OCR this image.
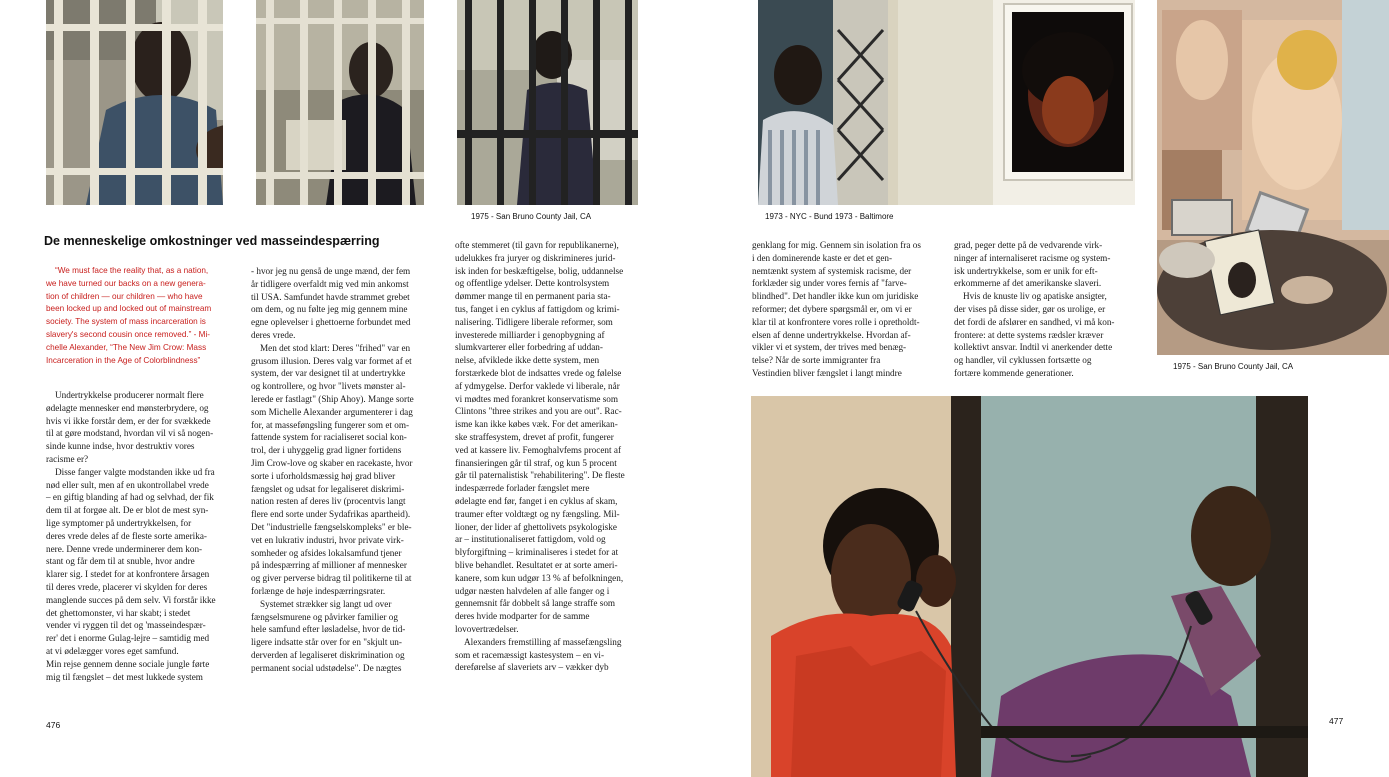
1975 - San Bruno County Jail, CA
De menneskelige omkostninger ved masseindespærring

“We must face the reality that, as a nation,

we have turned our backs on a new genera-

tion of children — our children — who have

been locked up and locked out of mainstream

society. The system of mass incarceration is

slavery's second cousin once removed.” - Mi-

chelle Alexander, “The New Jim Crow: Mass

Incarceration in the Age of Colorblindness”

Undertrykkelse producerer normalt flere

ødelagte mennesker end mønsterbrydere, og

hvis vi ikke forstår dem, er der for svækkede

til at gøre modstand, hvordan vil vi så nogen-

sinde kunne indse, hvor destruktiv vores

racisme er?

Disse fanger valgte modstanden ikke ud fra

nød eller sult, men af en ukontrollabel vrede

– en giftig blanding af had og selvhad, der fik

dem til at forgøe alt. De er blot de mest syn-

lige symptomer på undertrykkelsen, for

deres vrede deles af de fleste sorte amerika-

nere. Denne vrede underminerer dem kon-

stant og får dem til at snuble, hvor andre

klarer sig. I stedet for at konfrontere årsagen

til deres vrede, placerer vi skylden for deres

manglende succes på dem selv. Vi forstår ikke

det ghettomonster, vi har skabt; i stedet

vender vi ryggen til det og 'masseindespær-

rer' det i enorme Gulag-lejre – samtidig med

at vi ødelægger vores eget samfund.

Min rejse gennem denne sociale jungle førte

mig til fængslet – det mest lukkede system

- hvor jeg nu genså de unge mænd, der fem

år tidligere overfaldt mig ved min ankomst

til USA. Samfundet havde strammet grebet

om dem, og nu følte jeg mig gennem mine

egne oplevelser i ghettoerne forbundet med

deres vrede.

Men det stod klart: Deres "frihed" var en

grusom illusion. Deres valg var formet af et

system, der var designet til at undertrykke

og kontrollere, og hvor "livets mønster al-

lerede er fastlagt" (Ship Ahoy). Mange sorte

som Michelle Alexander argumenterer i dag

for, at masseføngsling fungerer som et om-

fattende system for racialiseret social kon-

trol, der i uhyggelig grad ligner fortidens

Jim Crow-love og skaber en racekaste, hvor

sorte i uforholdsmæssig høj grad bliver

fængslet og udsat for legaliseret diskrimi-

nation resten af deres liv (procentvis langt

flere end sorte under Sydafrikas apartheid).

Det "industrielle fængselskompleks" er ble-

vet en lukrativ industri, hvor private virk-

somheder og afsides lokalsamfund tjener

på indespærring af millioner af mennesker

og giver perverse bidrag til politikerne til at

forlænge de høje indespærringsrater.

Systemet strækker sig langt ud over

fængselsmurene og påvirker familier og

hele samfund efter løsladelse, hvor de tid-

ligere indsatte står over for en "skjult un-

derverden af legaliseret diskrimination og

permanent social udstødelse". De nægtes

ofte stemmeret (til gavn for republikanerne),

udelukkes fra juryer og diskrimineres jurid-

isk inden for beskæftigelse, bolig, uddannelse

og offentlige ydelser. Dette kontrolsystem

dømmer mange til en permanent paria sta-

tus, fanget i en cyklus af fattigdom og krimi-

nalisering. Tidligere liberale reformer, som

investerede milliarder i genopbygning af

slumkvarterer eller forbedring af uddan-

nelse, afviklede ikke dette system, men

forstærkede blot de indsattes vrede og følelse

af ydmygelse. Derfor vaklede vi liberale, når

vi mødtes med forankret konservatisme som

Clintons "three strikes and you are out". Rac-

isme kan ikke købes væk. For det amerikan-

ske straffesystem, drevet af profit, fungerer

ved at kassere liv. Femoghalvfems procent af

finansieringen går til straf, og kun 5 procent

går til paternalistisk "rehabilitering". De fleste

indespærrede forlader fængslet mere

ødelagte end før, fanget i en cyklus af skam,

traumer efter voldtægt og ny fængsling. Mil-

lioner, der lider af ghettolivets psykologiske

ar – institutionaliseret fattigdom, vold og

blyforgiftning – kriminaliseres i stedet for at

blive behandlet. Resultatet er at sorte ameri-

kanere, som kun udgør 13 % af befolkningen,

udgør næsten halvdelen af alle fanger og i

gennemsnit får dobbelt så lange straffe som

deres hvide modparter for de samme

lovovertrædelser.

Alexanders fremstilling af massefængsling

som et racemæssigt kastesystem – en vi-

dereførelse af slaveriets arv – vækker dyb

476
1973 - NYC - Bund 1973 - Baltimore
1975 - San Bruno County Jail, CA

genklang for mig. Gennem sin isolation fra os

i den dominerende kaste er det et gen-

nemtænkt system af systemisk racisme, der

forklæder sig under vores fernis af "farve-

blindhed". Det handler ikke kun om juridiske

reformer; det dybere spørgsmål er, om vi er

klar til at konfrontere vores rolle i opretholdt-

elsen af denne undertrykkelse. Hvordan af-

vikler vi et system, der trives med benæg-

telse? Når de sorte immigranter fra

Vestindien bliver fængslet i langt mindre

grad, peger dette på de vedvarende virk-

ninger af internaliseret racisme og system-

isk undertrykkelse, som er unik for eft-

erkommerne af det amerikanske slaveri.

Hvis de knuste liv og apatiske ansigter,

der vises på disse sider, gør os urolige, er

det fordi de afslører en sandhed, vi må kon-

frontere: at dette systems rædsler kræver

kollektivt ansvar. Indtil vi anerkender dette

og handler, vil cyklussen fortsætte og

fortære kommende generationer.

477
